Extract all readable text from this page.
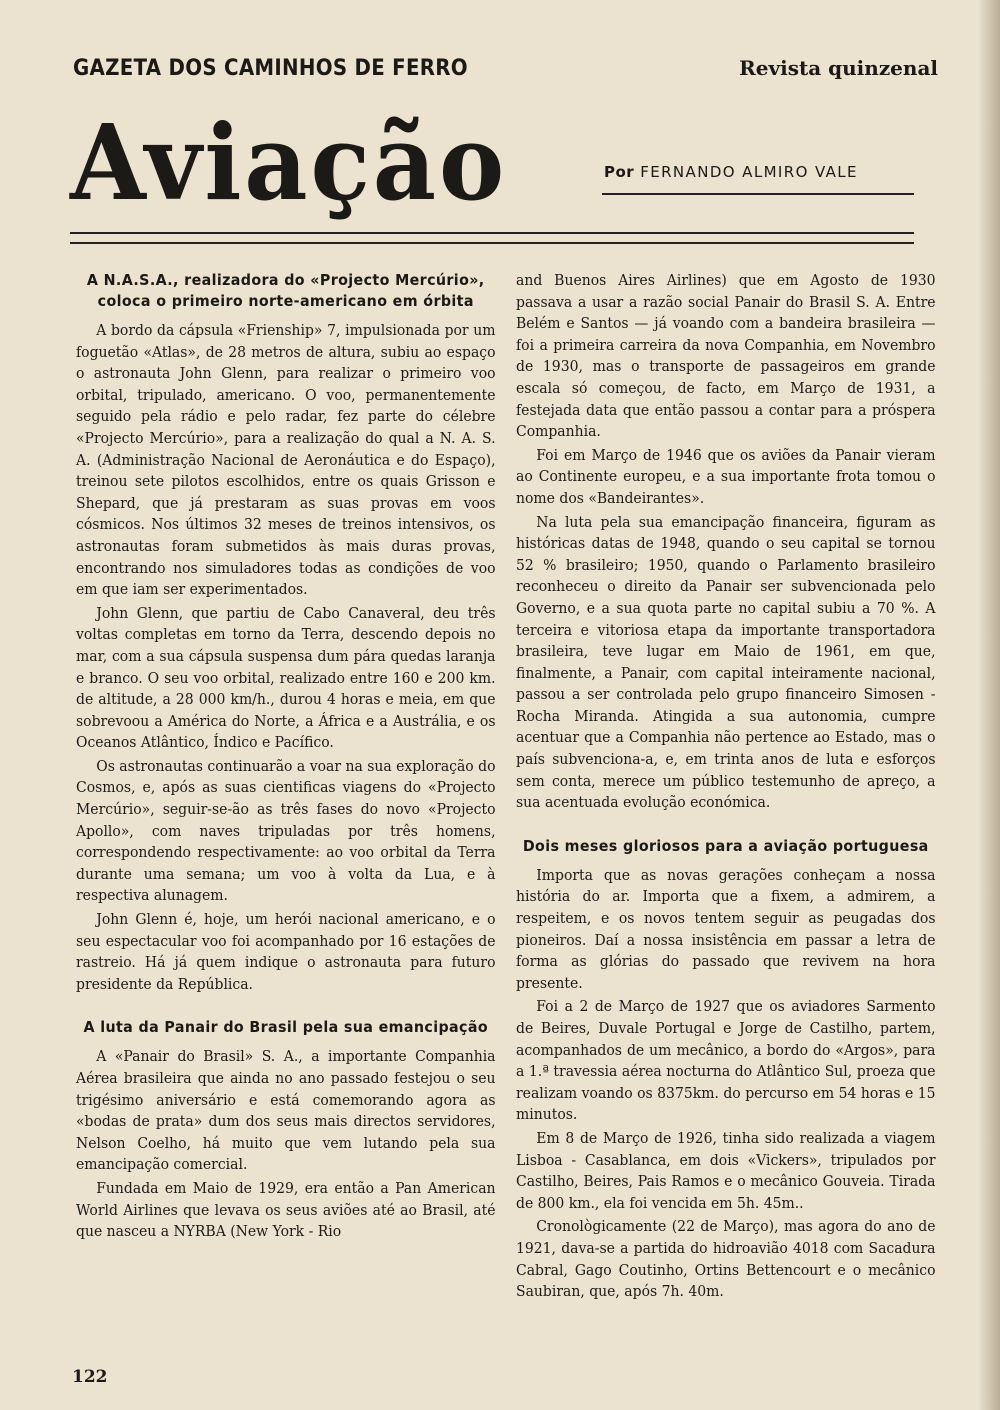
GAZETA DOS CAMINHOS DE FERRO	Revista quinzenal
Aviação	Por FERNANDO ALMIRO VALE
A N.A.S.A., realizadora do «Projecto Mercúrio», coloca o primeiro norte-americano em órbita

A bordo da cápsula «Frienship» 7, impulsionada por um foguetão «Atlas», de 28 metros de altura, subiu ao espaço o astronauta John Glenn, para realizar o primeiro voo orbital, tripulado, americano. O voo, permanentemente seguido pela rádio e pelo radar, fez parte do célebre «Projecto Mercúrio», para a realização do qual a N. A. S. A. (Administração Nacional de Aeronáutica e do Espaço), treinou sete pilotos escolhidos, entre os quais Grisson e Shepard, que já prestaram as suas provas em voos cósmicos. Nos últimos 32 meses de treinos intensivos, os astronautas foram submetidos às mais duras provas, encontrando nos simuladores todas as condições de voo em que iam ser experimentados.

John Glenn, que partiu de Cabo Canaveral, deu três voltas completas em torno da Terra, descendo depois no mar, com a sua cápsula suspensa dum pára quedas laranja e branco. O seu voo orbital, realizado entre 160 e 200 km. de altitude, a 28 000 km/h., durou 4 horas e meia, em que sobrevoou a América do Norte, a África e a Austrália, e os Oceanos Atlântico, Índico e Pacífico.

Os astronautas continuarão a voar na sua exploração do Cosmos, e, após as suas cientificas viagens do «Projecto Mercúrio», seguir-se-ão as três fases do novo «Projecto Apollo», com naves tripuladas por três homens, correspondendo respectivamente: ao voo orbital da Terra durante uma semana; um voo à volta da Lua, e à respectiva alunagem.

John Glenn é, hoje, um herói nacional americano, e o seu espectacular voo foi acompanhado por 16 estações de rastreio. Há já quem indique o astronauta para futuro presidente da República.

A luta da Panair do Brasil pela sua emancipação

A «Panair do Brasil» S. A., a importante Companhia Aérea brasileira que ainda no ano passado festejou o seu trigésimo aniversário e está comemorando agora as «bodas de prata» dum dos seus mais directos servidores, Nelson Coelho, há muito que vem lutando pela sua emancipação comercial.

Fundada em Maio de 1929, era então a Pan American World Airlines que levava os seus aviões até ao Brasil, até que nasceu a NYRBA (New York - Rio

and Buenos Aires Airlines) que em Agosto de 1930 passava a usar a razão social Panair do Brasil S. A. Entre Belém e Santos — já voando com a bandeira brasileira — foi a primeira carreira da nova Companhia, em Novembro de 1930, mas o transporte de passageiros em grande escala só começou, de facto, em Março de 1931, a festejada data que então passou a contar para a próspera Companhia.

Foi em Março de 1946 que os aviões da Panair vieram ao Continente europeu, e a sua importante frota tomou o nome dos «Bandeirantes».

Na luta pela sua emancipação financeira, figuram as históricas datas de 1948, quando o seu capital se tornou 52 % brasileiro; 1950, quando o Parlamento brasileiro reconheceu o direito da Panair ser subvencionada pelo Governo, e a sua quota parte no capital subiu a 70 %. A terceira e vitoriosa etapa da importante transportadora brasileira, teve lugar em Maio de 1961, em que, finalmente, a Panair, com capital inteiramente nacional, passou a ser controlada pelo grupo financeiro Simosen - Rocha Miranda. Atingida a sua autonomia, cumpre acentuar que a Companhia não pertence ao Estado, mas o país subvenciona-a, e, em trinta anos de luta e esforços sem conta, merece um público testemunho de apreço, a sua acentuada evolução económica.

Dois meses gloriosos para a aviação portuguesa

Importa que as novas gerações conheçam a nossa história do ar. Importa que a fixem, a admirem, a respeitem, e os novos tentem seguir as peugadas dos pioneiros. Daí a nossa insistência em passar a letra de forma as glórias do passado que revivem na hora presente.

Foi a 2 de Março de 1927 que os aviadores Sarmento de Beires, Duvale Portugal e Jorge de Castilho, partem, acompanhados de um mecânico, a bordo do «Argos», para a 1.ª travessia aérea nocturna do Atlântico Sul, proeza que realizam voando os 8375km. do percurso em 54 horas e 15 minutos.

Em 8 de Março de 1926, tinha sido realizada a viagem Lisboa - Casablanca, em dois «Vickers», tripulados por Castilho, Beires, Pais Ramos e o mecânico Gouveia. Tirada de 800 km., ela foi vencida em 5h. 45m..

Cronològicamente (22 de Março), mas agora do ano de 1921, dava-se a partida do hidroavião 4018 com Sacadura Cabral, Gago Coutinho, Ortins Bettencourt e o mecânico Saubiran, que, após 7h. 40m.

122
